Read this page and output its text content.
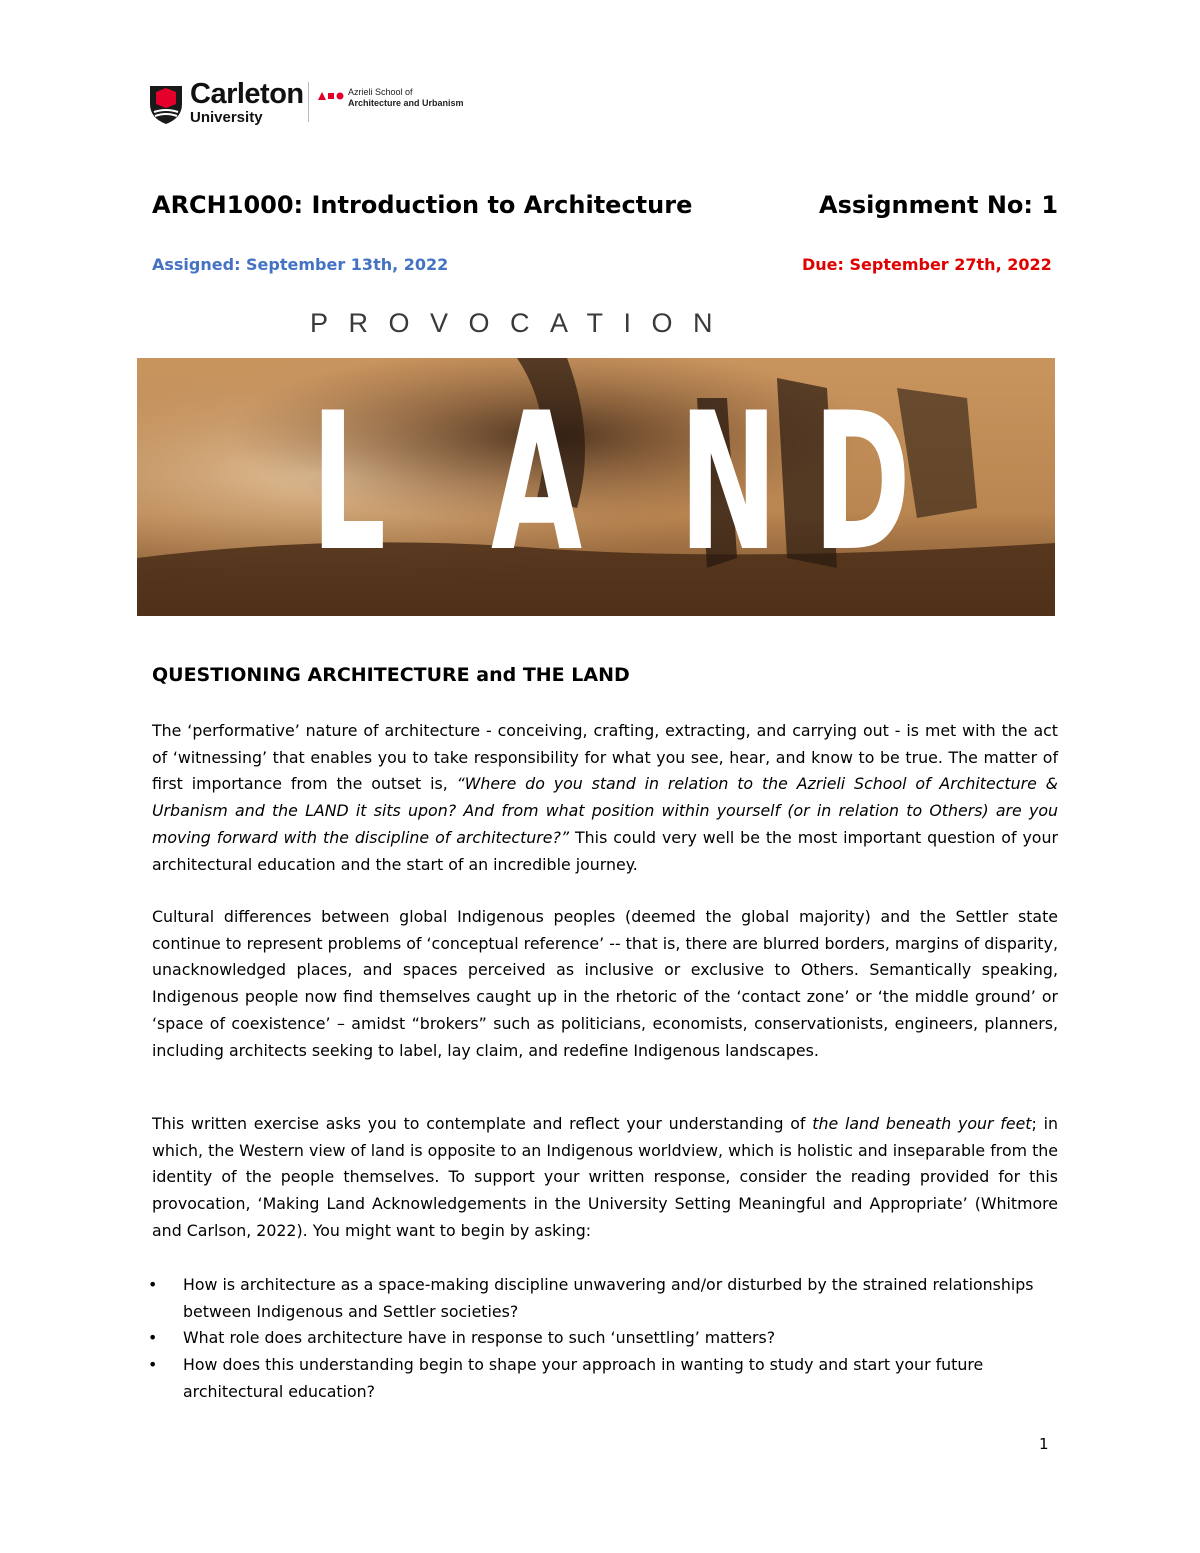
Carleton
University
Azrieli School of
Architecture and Urbanism
ARCH1000: Introduction to Architecture	Assignment No: 1
Assigned: September 13th, 2022	Due: September 27th, 2022
PROVOCATION
L A N D
QUESTIONING ARCHITECTURE and THE LAND

The ‘performative’ nature of architecture - conceiving, crafting, extracting, and carrying out - is met with the act of ‘witnessing’ that enables you to take responsibility for what you see, hear, and know to be true. The matter of first importance from the outset is, “Where do you stand in relation to the Azrieli School of Architecture & Urbanism and the LAND it sits upon? And from what position within yourself (or in relation to Others) are you moving forward with the discipline of architecture?” This could very well be the most important question of your architectural education and the start of an incredible journey.

Cultural differences between global Indigenous peoples (deemed the global majority) and the Settler state continue to represent problems of ‘conceptual reference’ -- that is, there are blurred borders, margins of disparity, unacknowledged places, and spaces perceived as inclusive or exclusive to Others. Semantically speaking, Indigenous people now find themselves caught up in the rhetoric of the ‘contact zone’ or ‘the middle ground’ or ‘space of coexistence’ – amidst “brokers” such as politicians, economists, conservationists, engineers, planners, including architects seeking to label, lay claim, and redefine Indigenous landscapes.

This written exercise asks you to contemplate and reflect your understanding of the land beneath your feet; in which, the Western view of land is opposite to an Indigenous worldview, which is holistic and inseparable from the identity of the people themselves. To support your written response, consider the reading provided for this provocation, ‘Making Land Acknowledgements in the University Setting Meaningful and Appropriate’ (Whitmore and Carlson, 2022). You might want to begin by asking:

• How is architecture as a space-making discipline unwavering and/or disturbed by the strained relationships between Indigenous and Settler societies?
• What role does architecture have in response to such ‘unsettling’ matters?
• How does this understanding begin to shape your approach in wanting to study and start your future architectural education?
1
